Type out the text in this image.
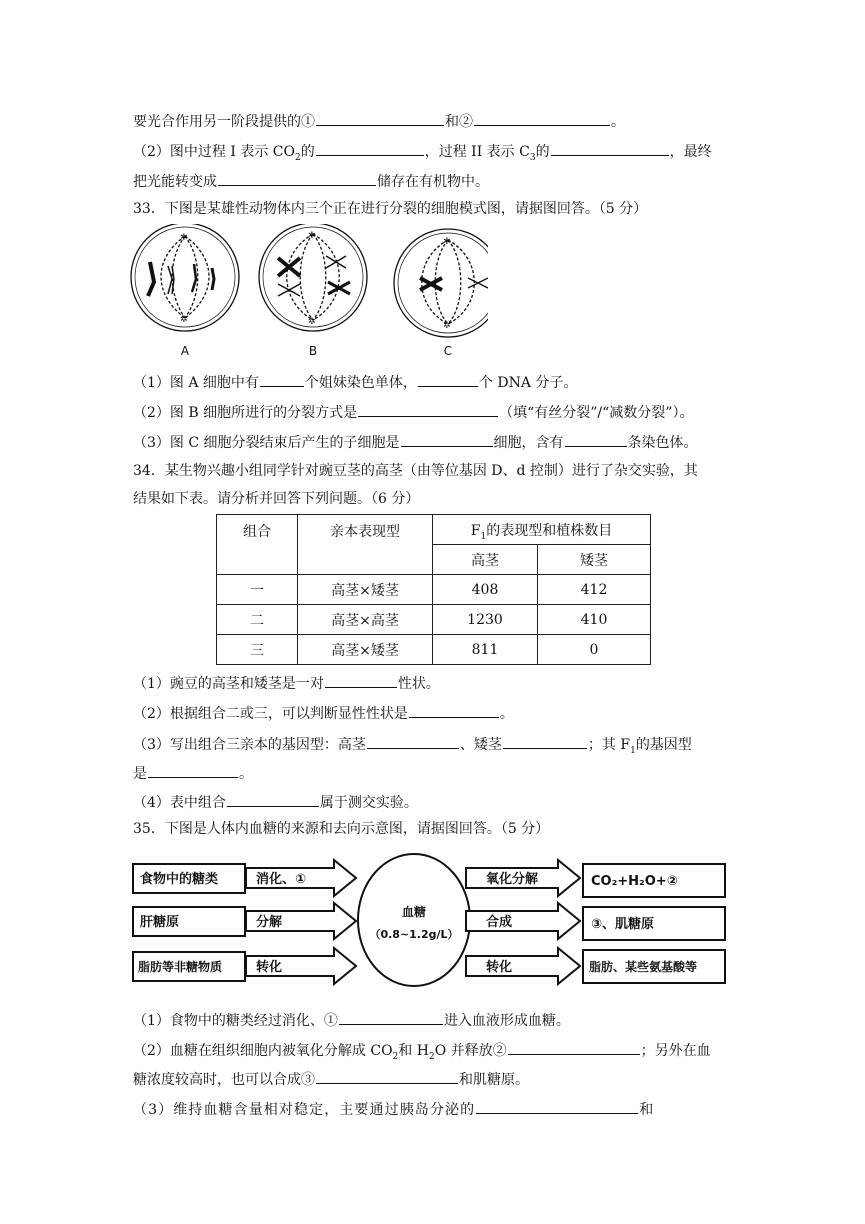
要光合作用另一阶段提供的①	和②	。
（2）图中过程 I 表示 $CO_2$的	，过程 II 表示 $C_3$的	，最终
把光能转变成	储存在有机物中。
33．下图是某雄性动物体内三个正在进行分裂的细胞模式图，请据图回答。（5 分）
✲
✲
✲
✲
✲
✲
A	B	C
（1）图 A 细胞中有	个姐妹染色单体，	个 DNA 分子。
（2）图 B 细胞所进行的分裂方式是	（填“有丝分裂”/“减数分裂”）。
（3）图 C 细胞分裂结束后产生的子细胞是	细胞，含有	条染色体。
34．某生物兴趣小组同学针对豌豆茎的高茎（由等位基因 D、d 控制）进行了杂交实验，其
结果如下表。请分析并回答下列问题。（6 分）
组合	亲本表现型	$F_1$的表现型和植株数目	
		高茎	矮茎
一	高茎×矮茎	408	412
二	高茎×高茎	1230	410
三	高茎×矮茎	811	0
（1）豌豆的高茎和矮茎是一对	性状。
（2）根据组合二或三，可以判断显性性状是	。
（3）写出组合三亲本的基因型：高茎	、矮茎	；其 $F_1$的基因型
是	。
（4）表中组合	属于测交实验。
35．下图是人体内血糖的来源和去向示意图，请据图回答。（5 分）
食物中的糖类
肝糖原
脂肪等非糖物质
消化、①
分解
转化
血糖
（0.8~1.2g/L）
氧化分解
合成
转化
CO₂+H₂O+②
③、肌糖原
脂肪、某些氨基酸等
（1）食物中的糖类经过消化、①	进入血液形成血糖。
（2）血糖在组织细胞内被氧化分解成 $CO_2$和 $H_2O$ 并释放②	；另外在血
糖浓度较高时，也可以合成③	和肌糖原。
（3）维持血糖含量相对稳定，主要通过胰岛分泌的	和
